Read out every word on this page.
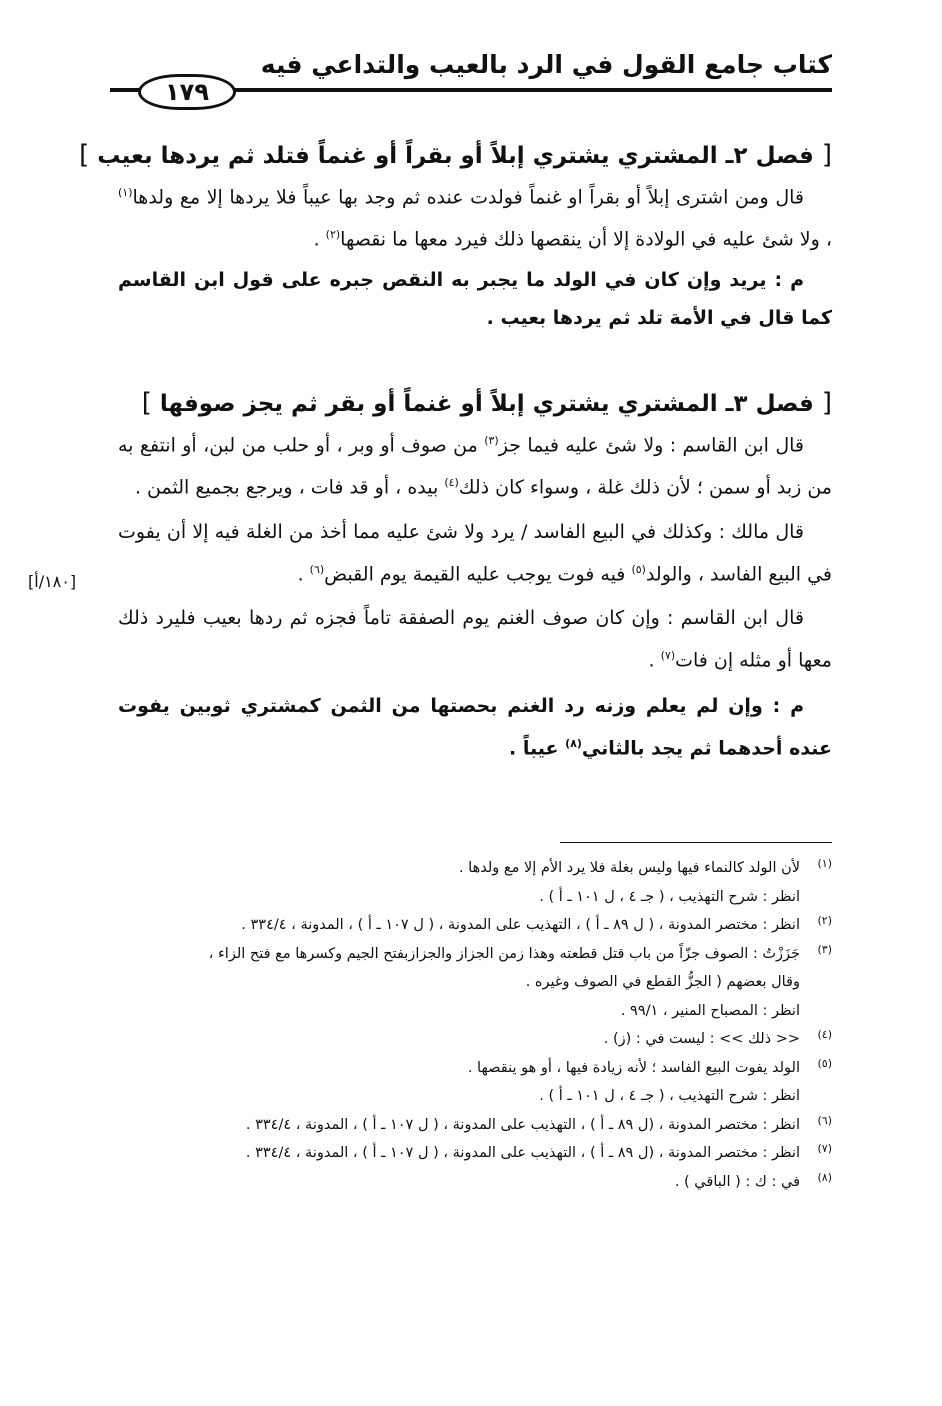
كتاب جامع القول في الرد بالعيب والتداعي فيه
١٧٩
[ فصل ٢ـ المشتري يشتري إبلاً أو بقراً أو غنماً فتلد ثم يردها بعيب ]

قال ومن اشترى إبلاً أو بقراً او غنماً فولدت عنده ثم وجد بها عيباً فلا يردها إلا مع ولدها$^{(١)}$ ، ولا شئ عليه في الولادة إلا أن ينقصها ذلك فيرد معها ما نقصها$^{(٢)}$ .

م : يريد وإن كان في الولد ما يجبر به النقص جبره على قول ابن القاسم كما قال في الأمة تلد ثم يردها بعيب .

[ فصل ٣ـ المشتري يشتري إبلاً أو غنماً أو بقر ثم يجز صوفها ]

قال ابن القاسم : ولا شئ عليه فيما جز$^{(٣)}$ من صوف أو وبر ، أو حلب من لبن، أو انتفع به من زبد أو سمن ؛ لأن ذلك غلة ، وسواء كان ذلك$^{(٤)}$ بيده ، أو قد فات ، ويرجع بجميع الثمن .

قال مالك : وكذلك في البيع الفاسد / يرد ولا شئ عليه مما أخذ من الغلة فيه إلا أن يفوت في البيع الفاسد ، والولد$^{(٥)}$ فيه فوت يوجب عليه القيمة يوم القبض$^{(٦)}$ .

قال ابن القاسم : وإن كان صوف الغنم يوم الصفقة تاماً فجزه ثم ردها بعيب فليرد ذلك معها أو مثله إن فات$^{(٧)}$ .

م : وإن لم يعلم وزنه رد الغنم بحصتها من الثمن كمشتري ثوبين يفوت عنده أحدهما ثم يجد بالثاني$^{(٨)}$ عيباً .

[١٨٠/أ]

(١)
لأن الولد كالنماء فيها وليس بغلة فلا يرد الأم إلا مع ولدها .

انظر : شرح التهذيب ، ( جـ ٤ ، ل ١٠١ ـ أ ) .

(٢)
انظر : مختصر المدونة ، ( ل ٨٩ ـ أ ) ، التهذيب على المدونة ، ( ل ١٠٧ ـ أ ) ، المدونة ، ٣٣٤/٤ .

(٣)
جَزَزْتُ : الصوف جزّاً من باب قتل قطعته وهذا زمن الجزاز والجزازبفتح الجيم وكسرها مع فتح الزاء ،

وقال بعضهم ( الجزُّ القطع في الصوف وغيره .

انظر : المصباح المنير ، ٩٩/١ .

(٤)
<< ذلك >> : ليست في : (ز) .

(٥)
الولد يفوت البيع الفاسد ؛ لأنه زيادة فيها ، أو هو ينقصها .

انظر : شرح التهذيب ، ( جـ ٤ ، ل ١٠١ ـ أ ) .

(٦)
انظر : مختصر المدونة ، (ل ٨٩ ـ أ ) ، التهذيب على المدونة ، ( ل ١٠٧ ـ أ ) ، المدونة ، ٣٣٤/٤ .

(٧)
انظر : مختصر المدونة ، (ل ٨٩ ـ أ ) ، التهذيب على المدونة ، ( ل ١٠٧ ـ أ ) ، المدونة ، ٣٣٤/٤ .

(٨)
في : ك : ( الباقي ) .
